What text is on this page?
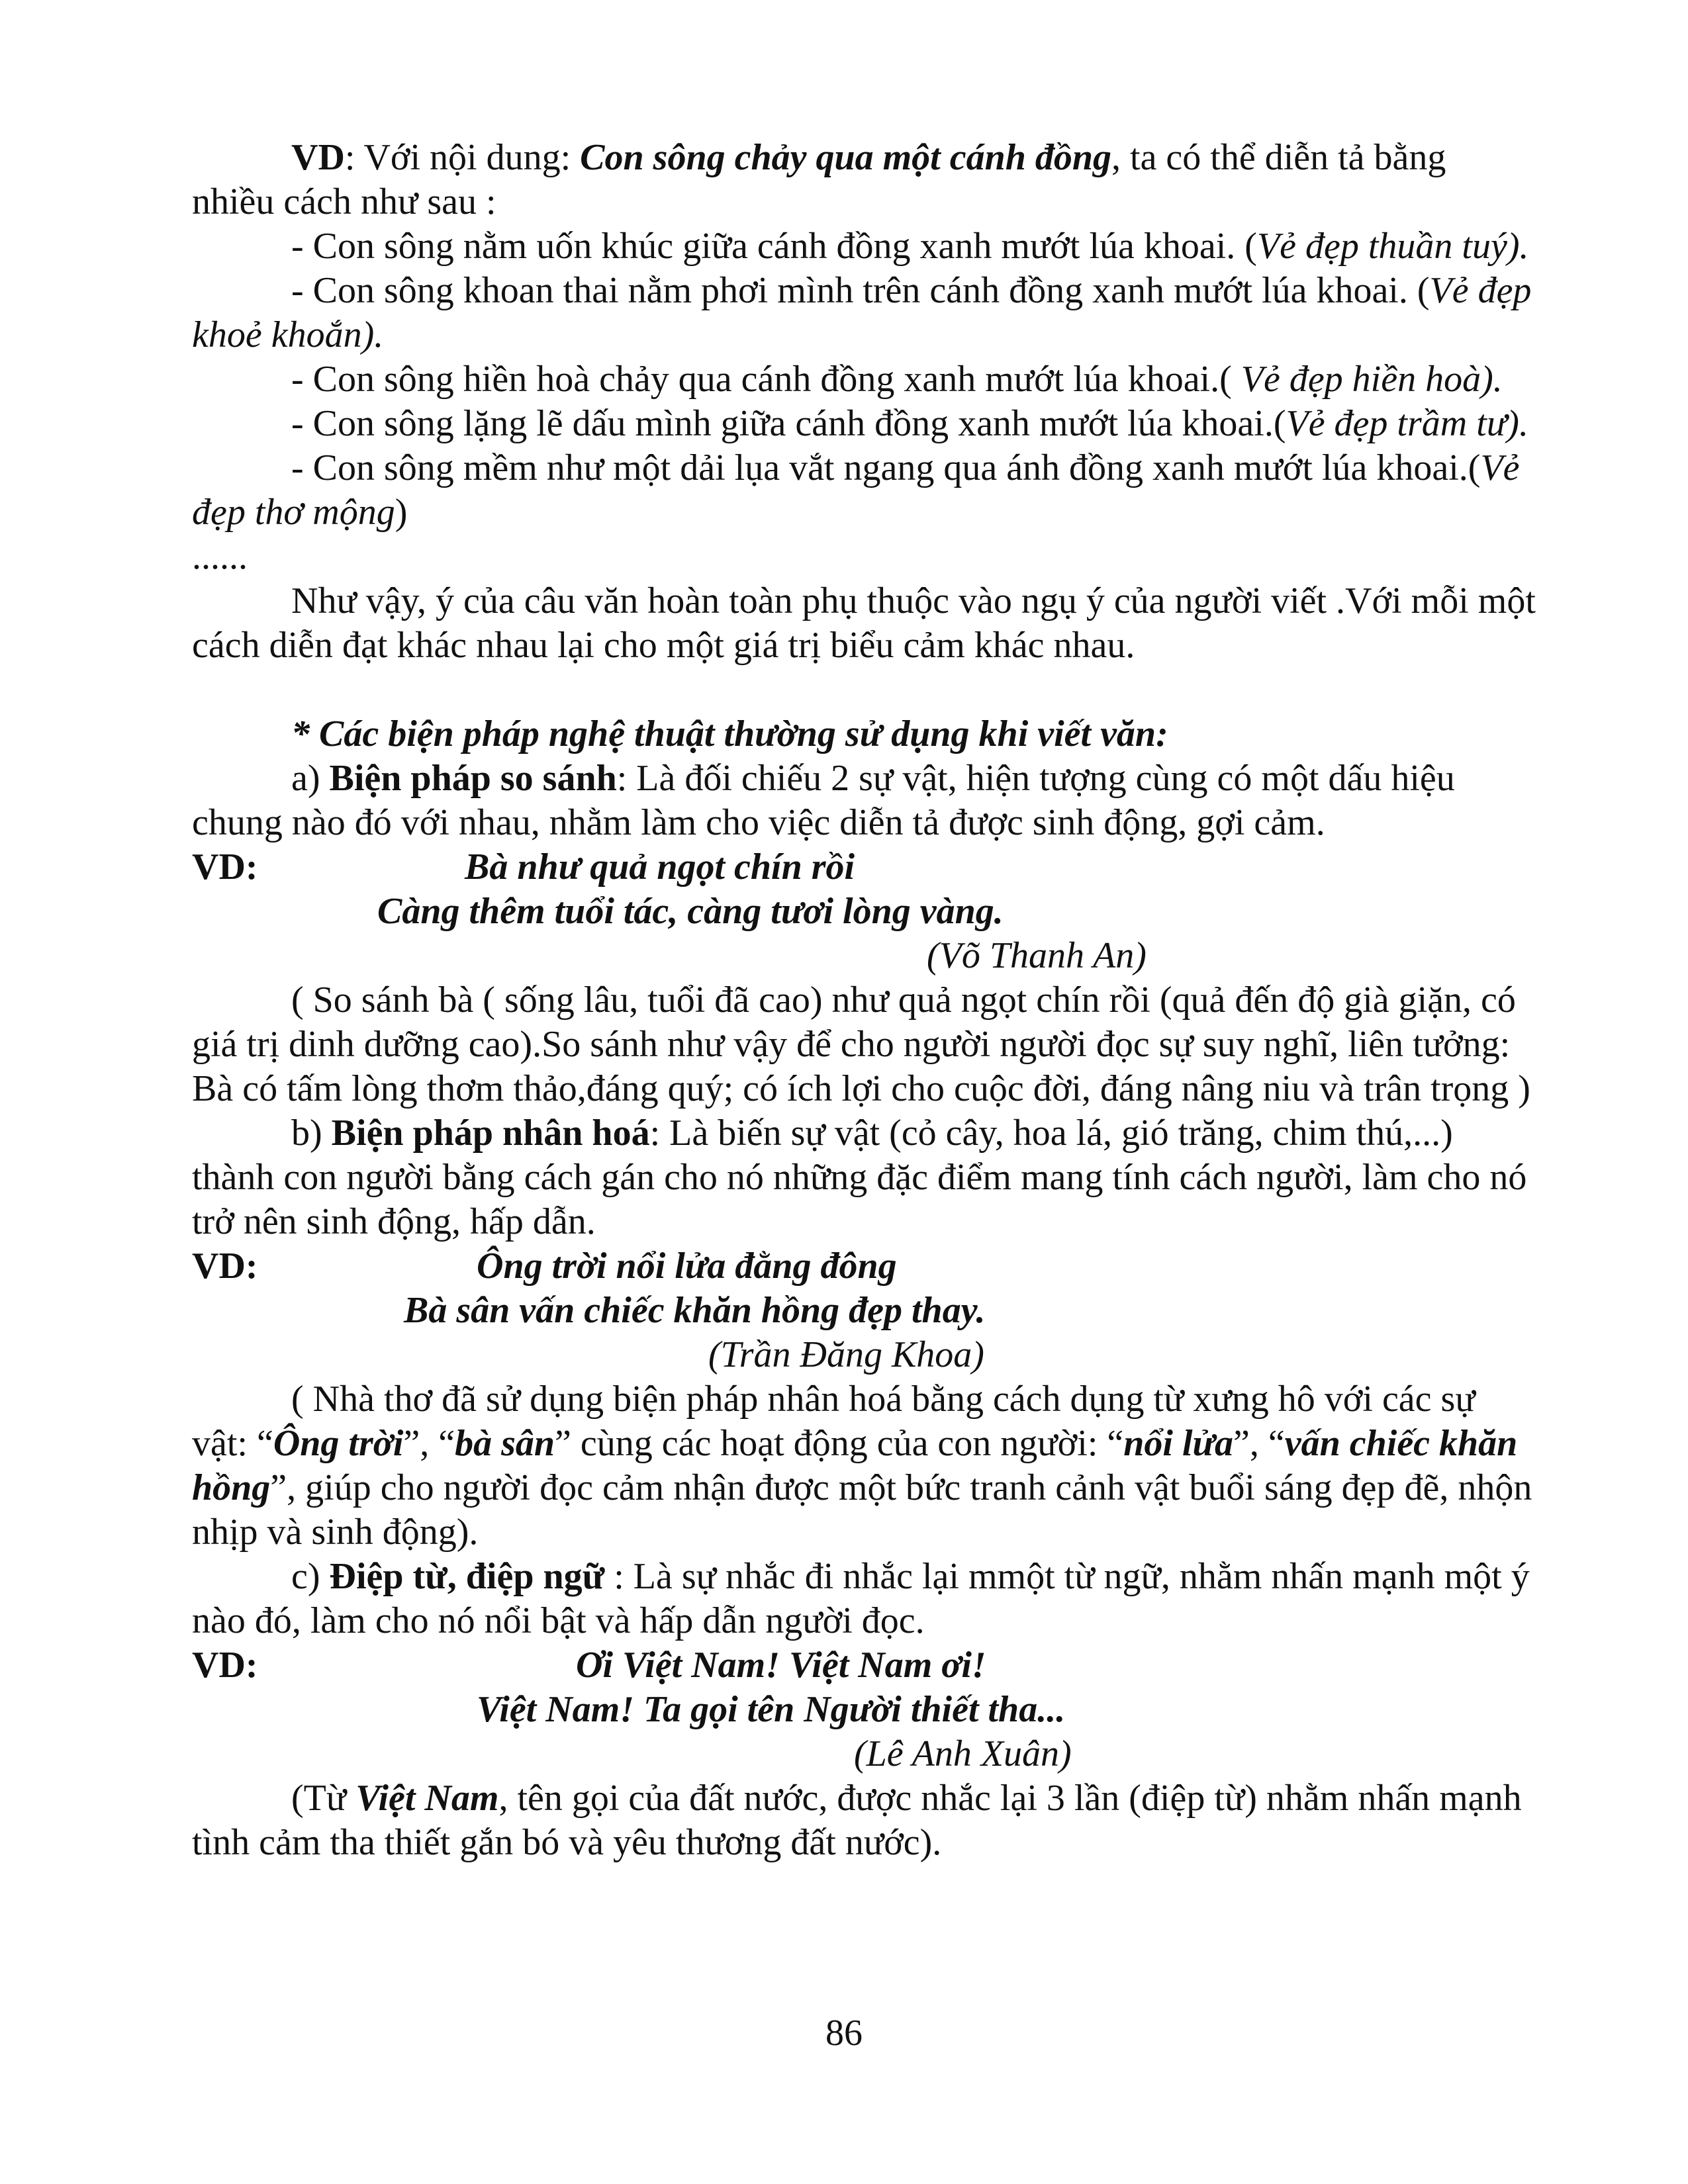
VD: Với nội dung: Con sông chảy qua một cánh đồng, ta có thể diễn tả bằng nhiều cách như sau :

- Con sông nằm uốn khúc giữa cánh đồng xanh mướt lúa khoai. (Vẻ đẹp thuần tuý).

- Con sông khoan thai nằm phơi mình trên cánh đồng xanh mướt lúa khoai. (Vẻ đẹp khoẻ khoắn).

- Con sông hiền hoà chảy qua cánh đồng xanh mướt lúa khoai.( Vẻ đẹp hiền hoà).

- Con sông lặng lẽ dấu mình giữa cánh đồng xanh mướt lúa khoai.(Vẻ đẹp trầm tư).

- Con sông mềm như một dải lụa vắt ngang qua ánh đồng xanh mướt lúa khoai.(Vẻ đẹp thơ mộng)

......

Như vậy, ý của câu văn hoàn toàn phụ thuộc vào ngụ ý của người viết .Với mỗi một cách diễn đạt khác nhau lại cho một giá trị biểu cảm khác nhau.

* Các biện pháp nghệ thuật thường sử dụng khi viết văn:

a) Biện pháp so sánh: Là đối chiếu 2 sự vật, hiện tượng cùng có một dấu hiệu chung nào đó với nhau, nhằm làm cho việc diễn tả được sinh động, gợi cảm.

VD:	Bà như quả ngọt chín rồi
Càng thêm tuổi tác, càng tươi lòng vàng.
(Võ Thanh An)

( So sánh bà ( sống lâu, tuổi đã cao) như quả ngọt chín rồi (quả đến độ già giặn, có giá trị dinh dưỡng cao).So sánh như vậy để cho người người đọc sự suy nghĩ, liên tưởng: Bà có tấm lòng thơm thảo,đáng quý; có ích lợi cho cuộc đời, đáng nâng niu và trân trọng )

b) Biện pháp nhân hoá: Là biến sự vật (cỏ cây, hoa lá, gió trăng, chim thú,...) thành con người bằng cách gán cho nó những đặc điểm mang tính cách người, làm cho nó trở nên sinh động, hấp dẫn.

VD:	Ông trời nổi lửa đằng đông
Bà sân vấn chiếc khăn hồng đẹp thay.
(Trần Đăng Khoa)

( Nhà thơ đã sử dụng biện pháp nhân hoá bằng cách dụng từ xưng hô với các sự vật: “Ông trời”, “bà sân” cùng các hoạt động của con người: “nổi lửa”, “vấn chiếc khăn hồng”, giúp cho người đọc cảm nhận được một bức tranh cảnh vật buổi sáng đẹp đẽ, nhộn nhịp và sinh động).

c) Điệp từ, điệp ngữ : Là sự nhắc đi nhắc lại mmột từ ngữ, nhằm nhấn mạnh một ý nào đó, làm cho nó nổi bật và hấp dẫn người đọc.

VD:	Ơi Việt Nam! Việt Nam ơi!
Việt Nam! Ta gọi tên Người thiết tha...
(Lê Anh Xuân)

(Từ Việt Nam, tên gọi của đất nước, được nhắc lại 3 lần (điệp từ) nhằm nhấn mạnh tình cảm tha thiết gắn bó và yêu thương đất nước).

86
